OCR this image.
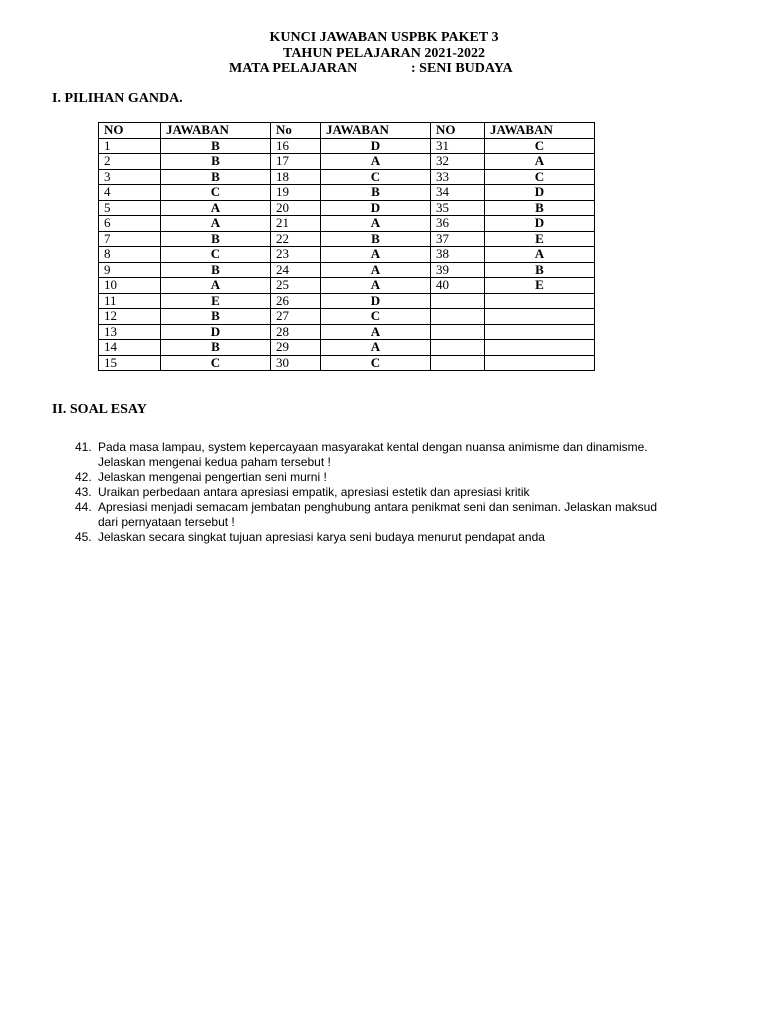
KUNCI JAWABAN USPBK PAKET 3
TAHUN PELAJARAN 2021-2022
MATA PELAJARAN	: SENI BUDAYA
I. PILIHAN GANDA.
NO	JAWABAN	No	JAWABAN	NO	JAWABAN
1	B	16	D	31	C
2	B	17	A	32	A
3	B	18	C	33	C
4	C	19	B	34	D
5	A	20	D	35	B
6	A	21	A	36	D
7	B	22	B	37	E
8	C	23	A	38	A
9	B	24	A	39	B
10	A	25	A	40	E
11	E	26	D		
12	B	27	C		
13	D	28	A		
14	B	29	A		
15	C	30	C		
II. SOAL ESAY
41. Pada masa lampau, system kepercayaan masyarakat kental dengan nuansa animisme dan dinamisme. Jelaskan mengenai kedua paham tersebut !
42. Jelaskan mengenai pengertian seni murni !
43. Uraikan perbedaan antara apresiasi empatik, apresiasi estetik dan apresiasi kritik
44. Apresiasi menjadi semacam jembatan penghubung antara penikmat seni dan seniman. Jelaskan maksud dari pernyataan tersebut !
45. Jelaskan secara singkat tujuan apresiasi karya seni budaya menurut pendapat anda
